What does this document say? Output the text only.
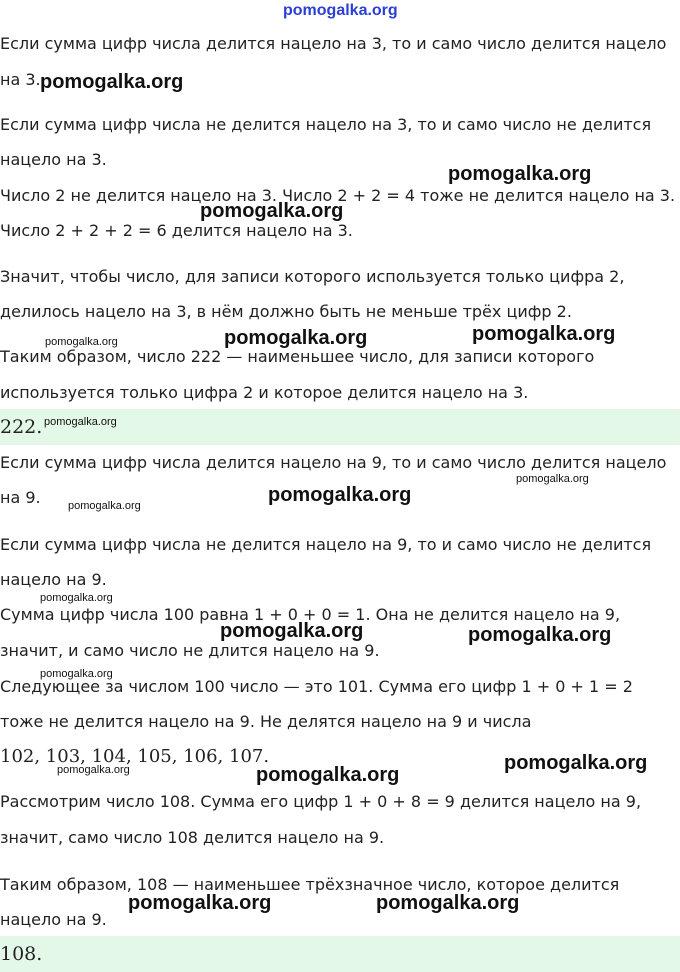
pomogalka.org
Если сумма цифр числа делится нацело на 3, то и само число делится нацело
на 3.
Если сумма цифр числа не делится нацело на 3, то и само число не делится
нацело на 3.
Число 2 не делится нацело на 3. Число 2 + 2 = 4 тоже не делится нацело на 3.
Число 2 + 2 + 2 = 6 делится нацело на 3.
Значит, чтобы число, для записи которого используется только цифра 2,
делилось нацело на 3, в нём должно быть не меньше трёх цифр 2.
Таким образом, число 222 — наименьшее число, для записи которого
используется только цифра 2 и которое делится нацело на 3.
222.
Если сумма цифр числа делится нацело на 9, то и само число делится нацело
на 9.
Если сумма цифр числа не делится нацело на 9, то и само число не делится
нацело на 9.
Сумма цифр числа 100 равна 1 + 0 + 0 = 1. Она не делится нацело на 9,
значит, и само число не длится нацело на 9.
Следующее за числом 100 число — это 101. Сумма его цифр 1 + 0 + 1 = 2
тоже не делится нацело на 9. Не делятся нацело на 9 и числа
102, 103, 104, 105, 106, 107.
Рассмотрим число 108. Сумма его цифр 1 + 0 + 8 = 9 делится нацело на 9,
значит, само число 108 делится нацело на 9.
Таким образом, 108 — наименьшее трёхзначное число, которое делится
нацело на 9.
108.
pomogalka.org
pomogalka.org
pomogalka.org
pomogalka.org	pomogalka.org	pomogalka.org
pomogalka.org
pomogalka.org
pomogalka.org
pomogalka.org
pomogalka.org
pomogalka.org	pomogalka.org
pomogalka.org
pomogalka.org	pomogalka.org
pomogalka.org
pomogalka.org	pomogalka.org
